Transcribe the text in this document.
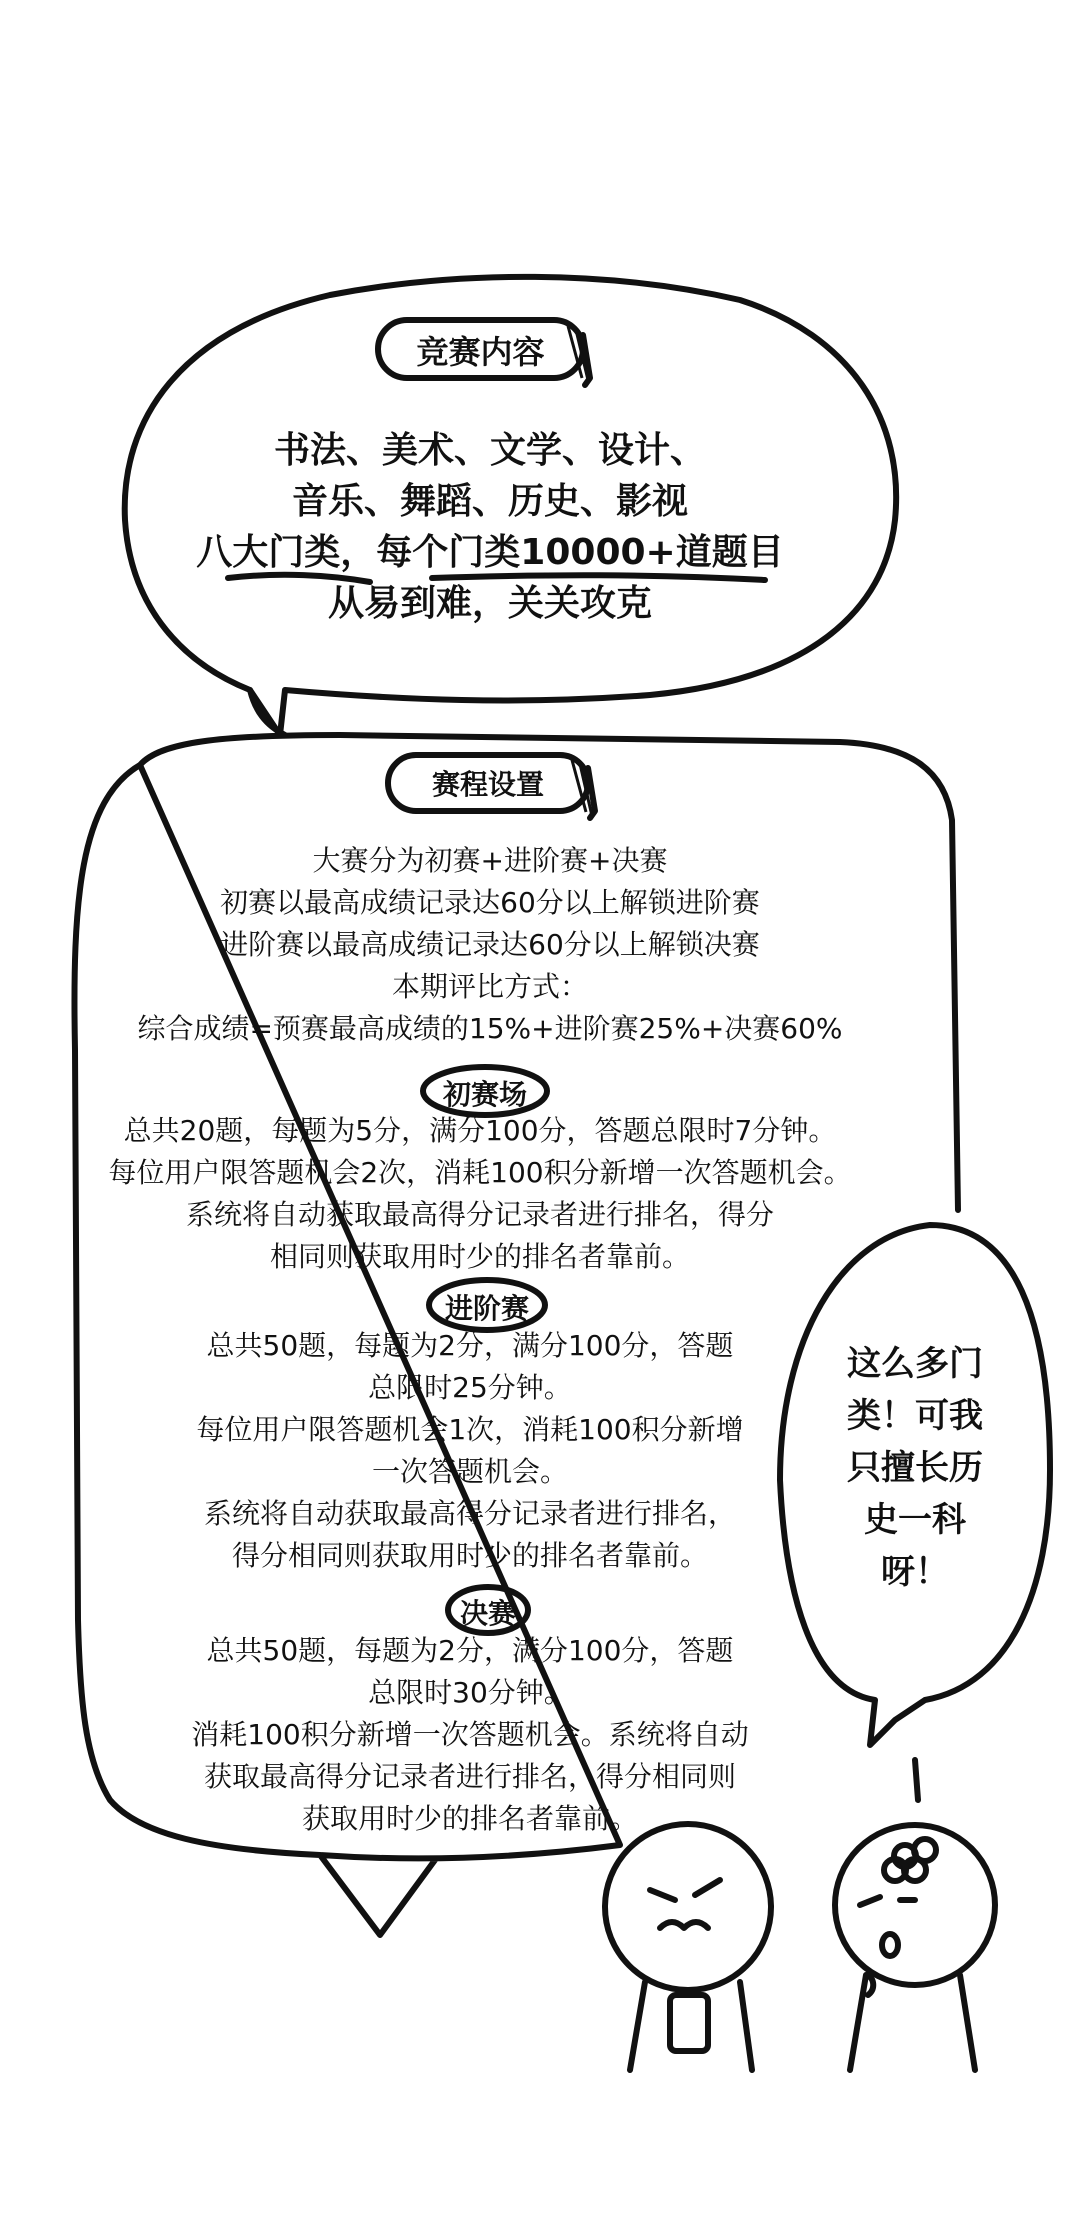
竞赛内容
书法、美术、文学、设计、
音乐、舞蹈、历史、影视
八大门类，每个门类10000+道题目
从易到难，关关攻克
赛程设置
大赛分为初赛+进阶赛+决赛
初赛以最高成绩记录达60分以上解锁进阶赛
进阶赛以最高成绩记录达60分以上解锁决赛
本期评比方式：
综合成绩=预赛最高成绩的15%+进阶赛25%+决赛60%
初赛场
总共20题，每题为5分，满分100分，答题总限时7分钟。
每位用户限答题机会2次，消耗100积分新增一次答题机会。
系统将自动获取最高得分记录者进行排名，得分
相同则获取用时少的排名者靠前。
进阶赛
总共50题，每题为2分，满分100分，答题
总限时25分钟。
每位用户限答题机会1次，消耗100积分新增
一次答题机会。
系统将自动获取最高得分记录者进行排名，
得分相同则获取用时少的排名者靠前。
决赛
总共50题，每题为2分，满分100分，答题
总限时30分钟。
消耗100积分新增一次答题机会。系统将自动
获取最高得分记录者进行排名，得分相同则
获取用时少的排名者靠前。
这么多门
类！可我
只擅长历
史一科
呀！
